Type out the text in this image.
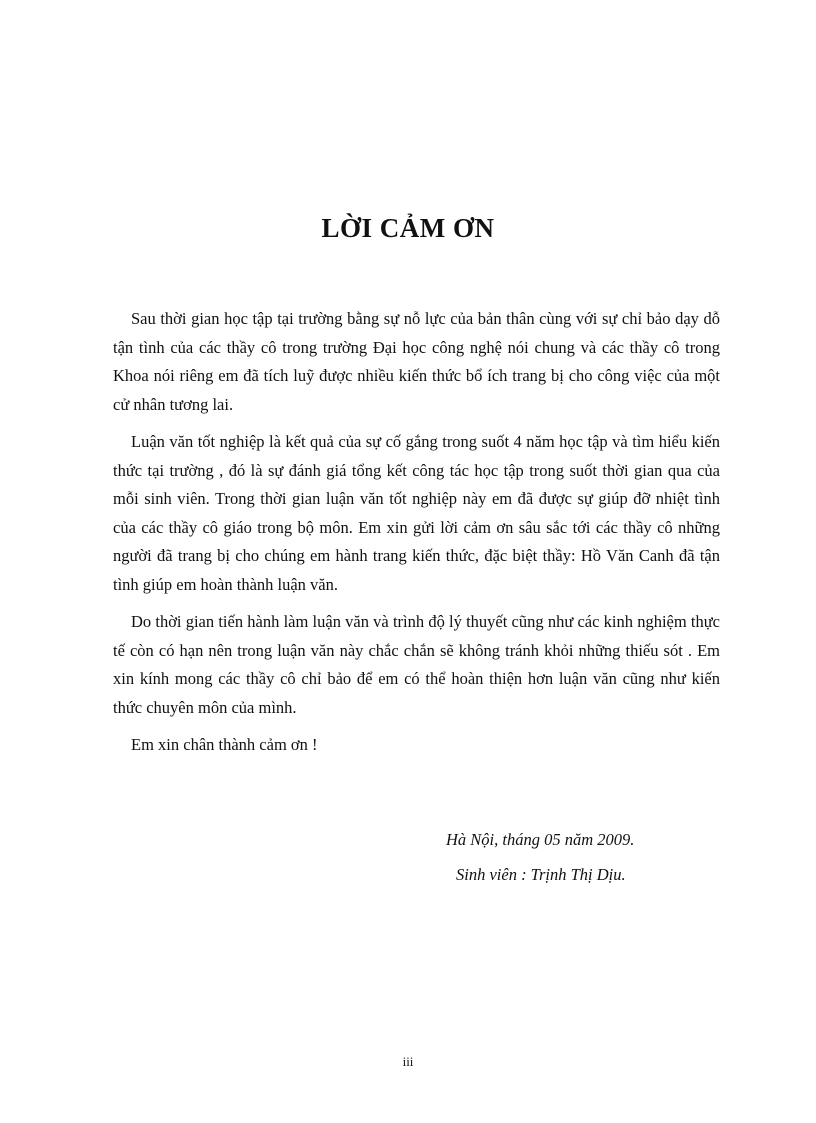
LỜI CẢM ƠN

Sau thời gian học tập tại trường bằng sự nỗ lực của bản thân cùng với sự chỉ bảo dạy dỗ tận tình của các thầy cô trong trường Đại học công nghệ nói chung và các thầy cô trong Khoa nói riêng em đã tích luỹ được nhiều kiến thức bổ ích trang bị cho công việc của một cử nhân tương lai.

Luận văn tốt nghiệp là kết quả của sự cố gắng trong suốt 4 năm học tập và tìm hiểu kiến thức tại trường , đó là sự đánh giá tổng kết công tác học tập trong suốt thời gian qua của mỗi sinh viên. Trong thời gian luận văn tốt nghiệp này em đã được sự giúp đỡ nhiệt tình của các thầy cô giáo trong bộ môn. Em xin gửi lời cảm ơn sâu sắc tới các thầy cô những người đã trang bị cho chúng em hành trang kiến thức, đặc biệt thầy: Hồ Văn Canh đã tận tình giúp em hoàn thành luận văn.

Do thời gian tiến hành làm luận văn và trình độ lý thuyết cũng như các kinh nghiệm thực tế còn có hạn nên trong luận văn này chắc chắn sẽ không tránh khỏi những thiếu sót . Em xin kính mong các thầy cô chỉ bảo để em có thể hoàn thiện hơn luận văn cũng như kiến thức chuyên môn của mình.

Em xin chân thành cảm ơn !

Hà Nội, tháng 05 năm 2009.
Sinh viên : Trịnh Thị Dịu.
iii
